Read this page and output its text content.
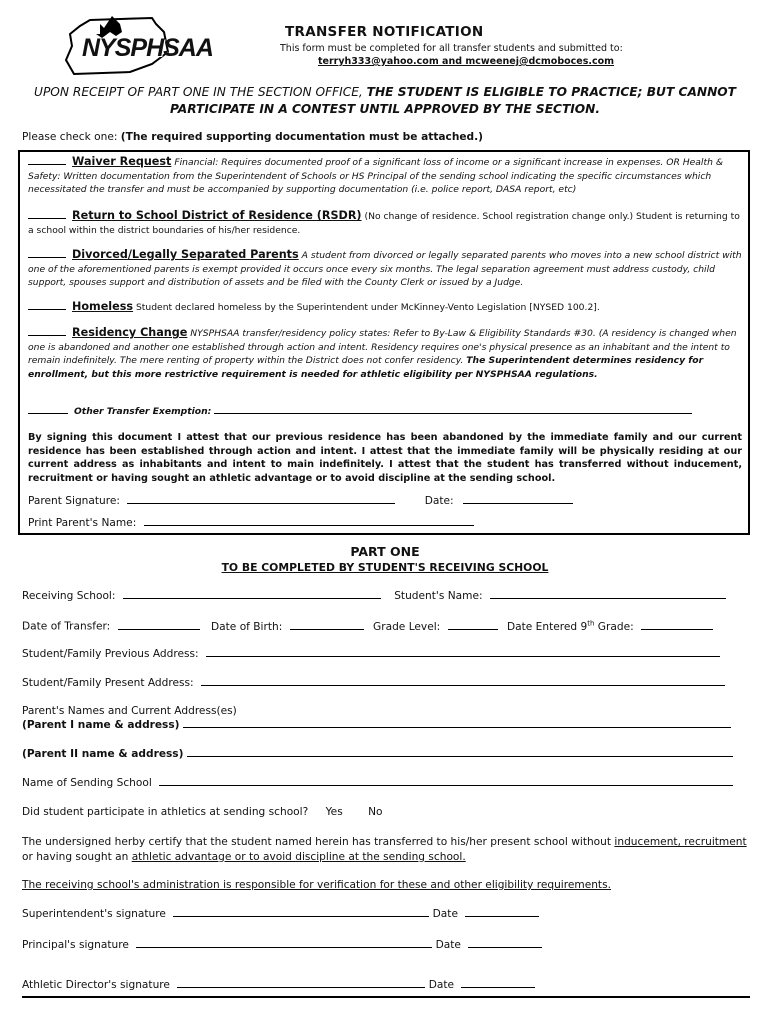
NYSPHSAA
TRANSFER NOTIFICATION
This form must be completed for all transfer students and submitted to:
terryh333@yahoo.com and mcweenej@dcmoboces.com
UPON RECEIPT OF PART ONE IN THE SECTION OFFICE, THE STUDENT IS ELIGIBLE TO PRACTICE; BUT CANNOT PARTICIPATE IN A CONTEST UNTIL APPROVED BY THE SECTION.
Please check one: (The required supporting documentation must be attached.)
Waiver Request Financial: Requires documented proof of a significant loss of income or a significant increase in expenses. OR Health & Safety: Written documentation from the Superintendent of Schools or HS Principal of the sending school indicating the specific circumstances which necessitated the transfer and must be accompanied by supporting documentation (i.e. police report, DASA report, etc)
Return to School District of Residence (RSDR) (No change of residence. School registration change only.) Student is returning to a school within the district boundaries of his/her residence.
Divorced/Legally Separated Parents A student from divorced or legally separated parents who moves into a new school district with one of the aforementioned parents is exempt provided it occurs once every six months. The legal separation agreement must address custody, child support, spouses support and distribution of assets and be filed with the County Clerk or issued by a Judge.
Homeless Student declared homeless by the Superintendent under McKinney-Vento Legislation [NYSED 100.2].
Residency Change NYSPHSAA transfer/residency policy states: Refer to By-Law & Eligibility Standards #30. (A residency is changed when one is abandoned and another one established through action and intent. Residency requires one's physical presence as an inhabitant and the intent to remain indefinitely. The mere renting of property within the District does not confer residency. The Superintendent determines residency for enrollment, but this more restrictive requirement is needed for athletic eligibility per NYSPHSAA regulations.
Other Transfer Exemption:
By signing this document I attest that our previous residence has been abandoned by the immediate family and our current residence has been established through action and intent. I attest that the immediate family will be physically residing at our current address as inhabitants and intent to main indefinitely. I attest that the student has transferred without inducement, recruitment or having sought an athletic advantage or to avoid discipline at the sending school.
Parent Signature:	Date:
Print Parent's Name:
PART ONE
TO BE COMPLETED BY STUDENT'S RECEIVING SCHOOL
Receiving School:	Student's Name:
Date of Transfer:	Date of Birth:	Grade Level:	Date Entered 9th Grade:
Student/Family Previous Address:
Student/Family Present Address:
Parent's Names and Current Address(es)
(Parent I name & address)
(Parent II name & address)
Name of Sending School
Did student participate in athletics at sending school? Yes No
The undersigned herby certify that the student named herein has transferred to his/her present school without inducement, recruitment or having sought an athletic advantage or to avoid discipline at the sending school.
The receiving school's administration is responsible for verification for these and other eligibility requirements.
Superintendent's signature	Date
Principal's signature	Date
Athletic Director's signature	Date
